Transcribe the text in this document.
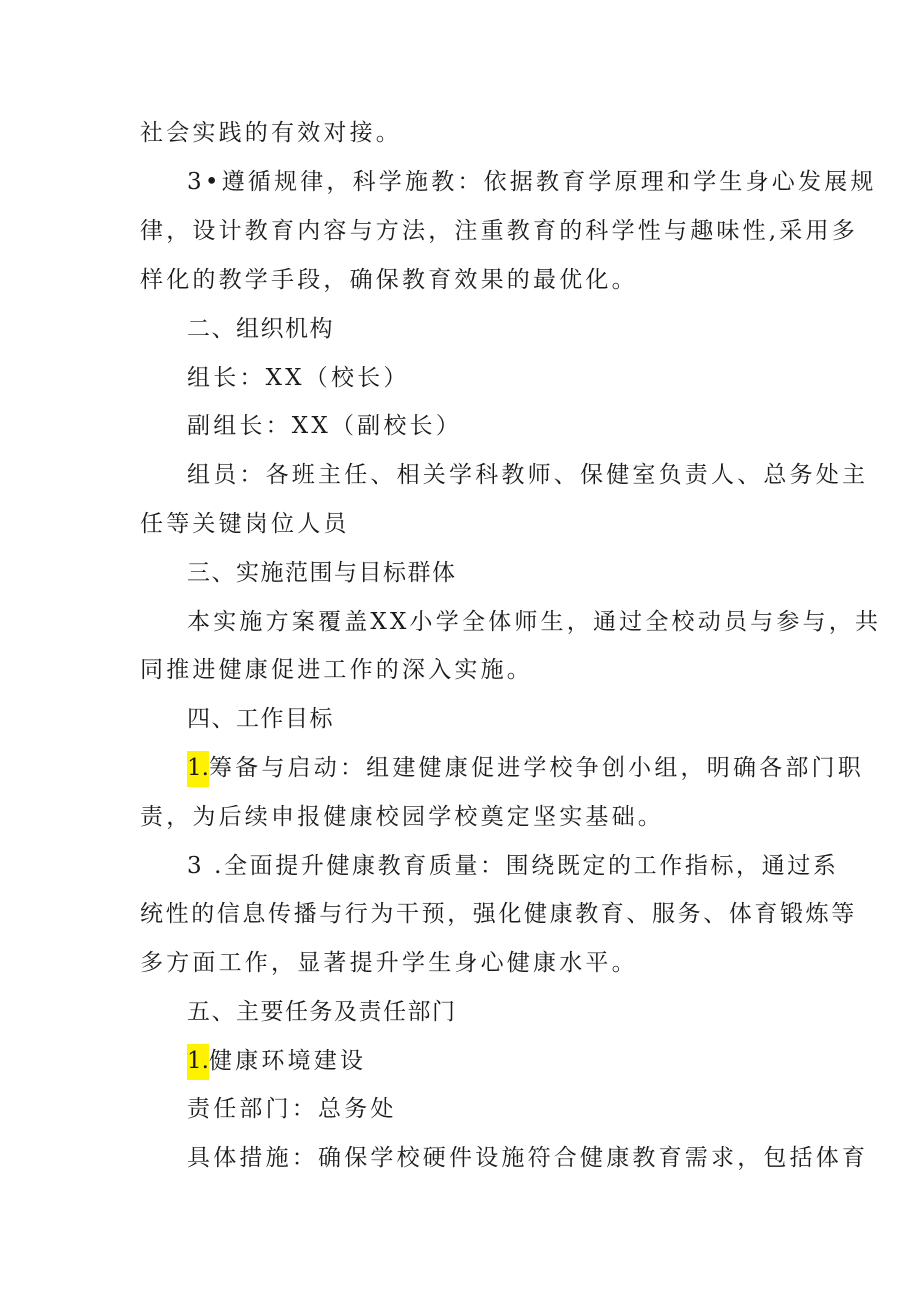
社会实践的有效对接。
3•遵循规律，科学施教：依据教育学原理和学生身心发展规
律，设计教育内容与方法，注重教育的科学性与趣味性,采用多
样化的教学手段，确保教育效果的最优化。
二、组织机构
组长：XX（校长）
副组长：XX（副校长）
组员：各班主任、相关学科教师、保健室负责人、总务处主
任等关键岗位人员
三、实施范围与目标群体
本实施方案覆盖XX小学全体师生，通过全校动员与参与，共
同推进健康促进工作的深入实施。
四、工作目标
1.筹备与启动：组建健康促进学校争创小组，明确各部门职
责，为后续申报健康校园学校奠定坚实基础。
3 .全面提升健康教育质量：围绕既定的工作指标，通过系
统性的信息传播与行为干预，强化健康教育、服务、体育锻炼等
多方面工作，显著提升学生身心健康水平。
五、主要任务及责任部门
1.健康环境建设
责任部门：总务处
具体措施：确保学校硬件设施符合健康教育需求，包括体育
